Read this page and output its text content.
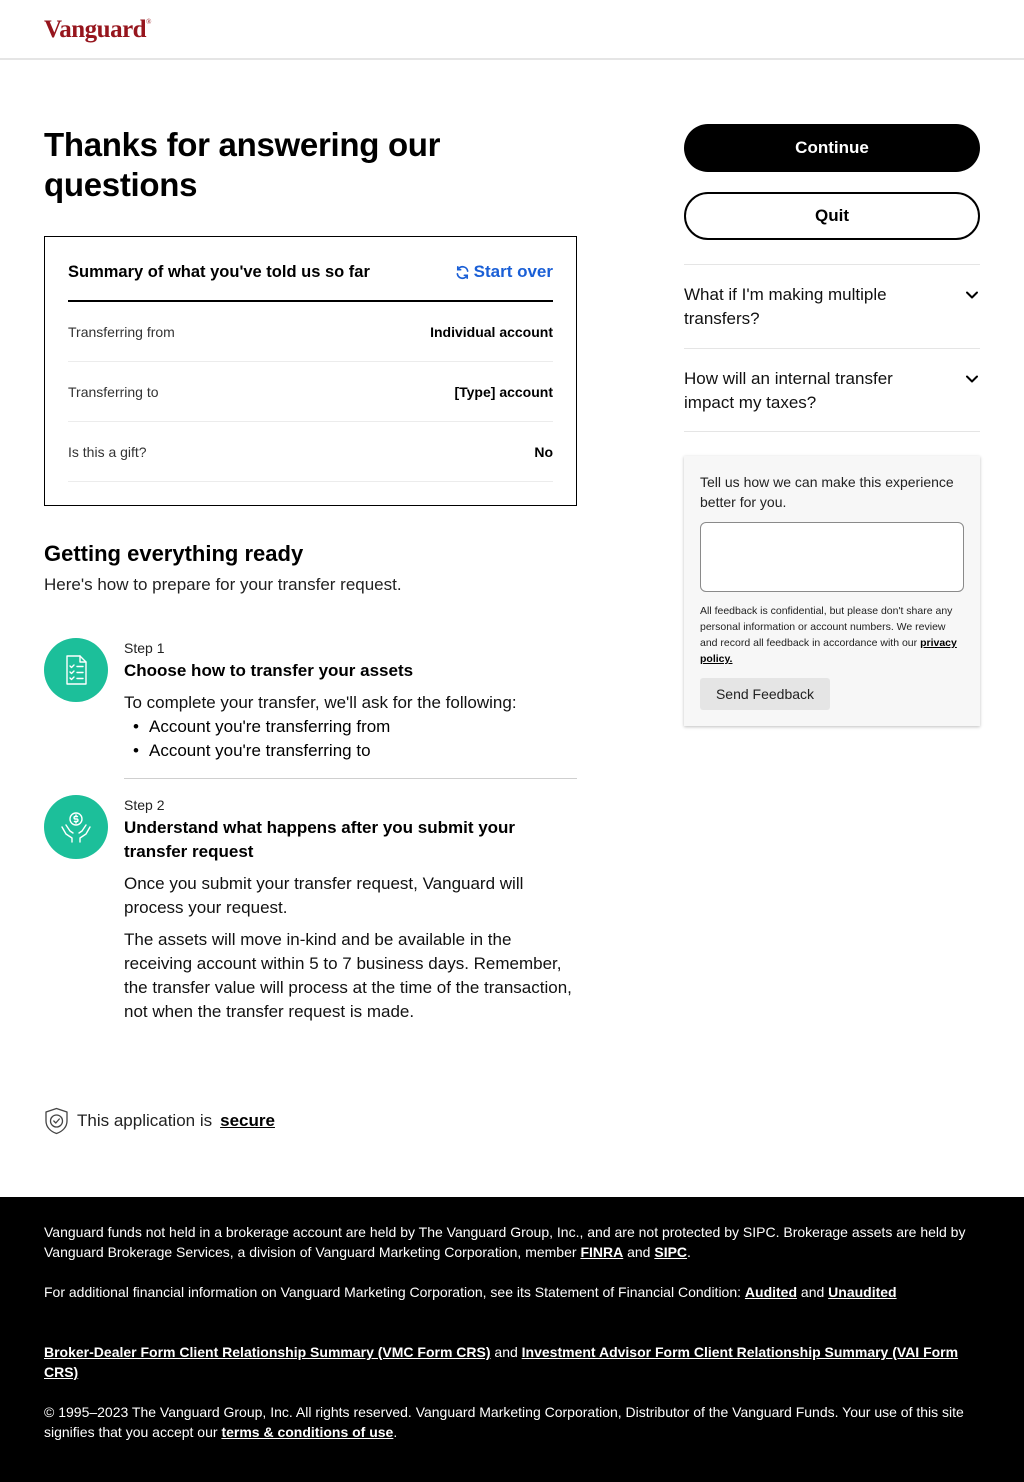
Vanguard®
Thanks for answering our questions
Summary of what you've told us so far	Start over
Transferring from	Individual account
Transferring to	[Type] account
Is this a gift?	No
Getting everything ready

Here's how to prepare for your transfer request.

Step 1
Choose how to transfer your assets
To complete your transfer, we'll ask for the following:
• Account you're transferring from
• Account you're transferring to
Step 2
Understand what happens after you submit your transfer request
Once you submit your transfer request, Vanguard will process your request.
The assets will move in-kind and be available in the receiving account within 5 to 7 business days. Remember, the transfer value will process at the time of the transaction, not when the transfer request is made.
This application is secure
Continue
Quit
What if I'm making multiple transfers?
How will an internal transfer impact my taxes?
Tell us how we can make this experience better for you.
All feedback is confidential, but please don't share any personal information or account numbers. We review and record all feedback in accordance with our privacy policy.
Send Feedback

Vanguard funds not held in a brokerage account are held by The Vanguard Group, Inc., and are not protected by SIPC. Brokerage assets are held by Vanguard Brokerage Services, a division of Vanguard Marketing Corporation, member FINRA and SIPC.

For additional financial information on Vanguard Marketing Corporation, see its Statement of Financial Condition: Audited and Unaudited

Broker-Dealer Form Client Relationship Summary (VMC Form CRS) and Investment Advisor Form Client Relationship Summary (VAI Form CRS)

© 1995–2023 The Vanguard Group, Inc. All rights reserved. Vanguard Marketing Corporation, Distributor of the Vanguard Funds. Your use of this site signifies that you accept our terms & conditions of use.
